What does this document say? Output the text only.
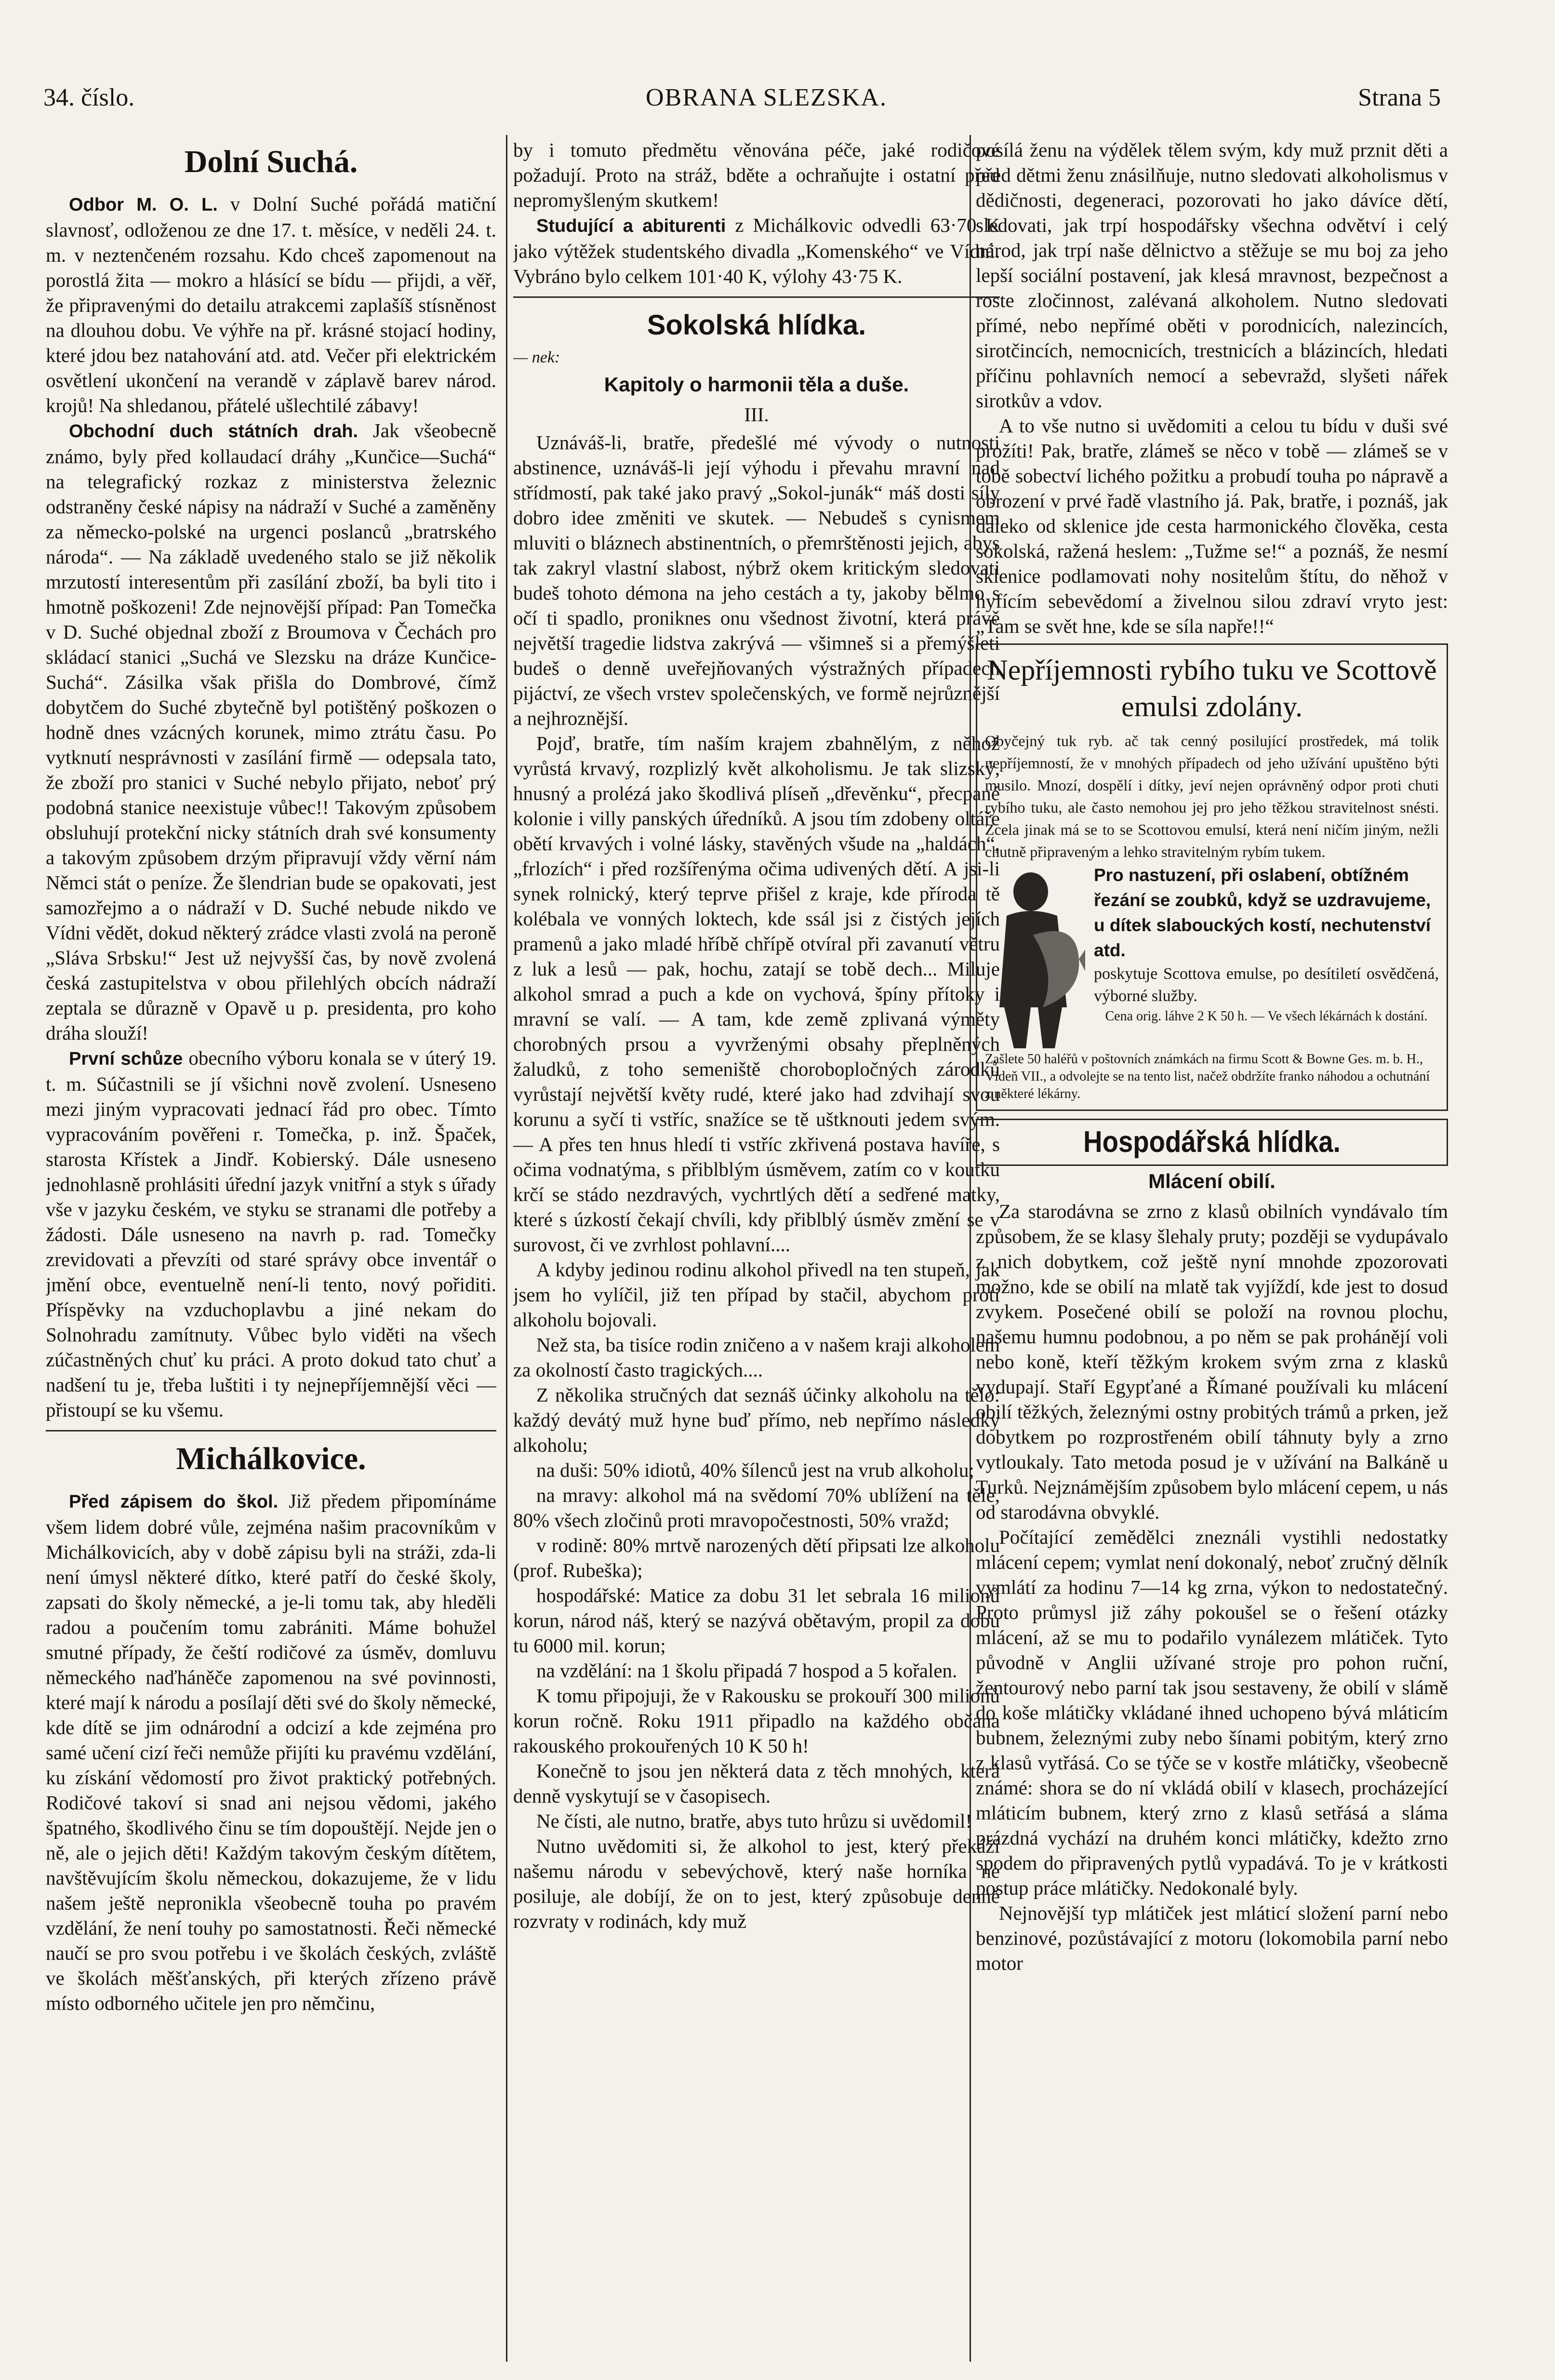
34. číslo.	OBRANA SLEZSKA.	Strana 5
Dolní Suchá.

Odbor M. O. L. v Dolní Suché pořádá matiční slavnosť, odloženou ze dne 17. t. měsíce, v neděli 24. t. m. v neztenčeném rozsahu. Kdo chceš zapomenout na porostlá žita — mokro a hlásící se bídu — přijdi, a věř, že připravenými do detailu atrakcemi zaplašíš stísněnost na dlouhou dobu. Ve výhře na př. krásné stojací hodiny, které jdou bez natahování atd. atd. Večer při elektrickém osvětlení ukončení na verandě v záplavě barev národ. krojů! Na shledanou, přátelé ušlechtilé zábavy!

Obchodní duch státních drah. Jak všeobecně známo, byly před kollaudací dráhy „Kunčice—Suchá“ na telegrafický rozkaz z ministerstva železnic odstraněny české nápisy na nádraží v Suché a zaměněny za německo-polské na urgenci poslanců „bratrského národa“. — Na základě uvedeného stalo se již několik mrzutostí interesentům při zasílání zboží, ba byli tito i hmotně poškozeni! Zde nejnovější případ: Pan Tomečka v D. Suché objednal zboží z Broumova v Čechách pro skládací stanici „Suchá ve Slezsku na dráze Kunčice-Suchá“. Zásilka však přišla do Dombrové, čímž dobytčem do Suché zbytečně byl potištěný poškozen o hodně dnes vzácných korunek, mimo ztrátu času. Po vytknutí nesprávnosti v zasílání firmě — odepsala tato, že zboží pro stanici v Suché nebylo přijato, neboť prý podobná stanice neexistuje vůbec!! Takovým způsobem obsluhují protekční nicky státních drah své konsumenty a takovým způsobem drzým připravují vždy věrní nám Němci stát o peníze. Že šlendrian bude se opakovati, jest samozřejmo a o nádraží v D. Suché nebude nikdo ve Vídni vědět, dokud některý zrádce vlasti zvolá na peroně „Sláva Srbsku!“ Jest už nejvyšší čas, by nově zvolená česká zastupitelstva v obou přilehlých obcích nádraží zeptala se důrazně v Opavě u p. presidenta, pro koho dráha slouží!

První schůze obecního výboru konala se v úterý 19. t. m. Súčastnili se jí všichni nově zvolení. Usneseno mezi jiným vypracovati jednací řád pro obec. Tímto vypracováním pověřeni r. Tomečka, p. inž. Špaček, starosta Křístek a Jindř. Kobierský. Dále usneseno jednohlasně prohlásiti úřední jazyk vnitřní a styk s úřady vše v jazyku českém, ve styku se stranami dle potřeby a žádosti. Dále usneseno na navrh p. rad. Tomečky zrevidovati a převzíti od staré správy obce inventář o jmění obce, eventuelně není-li tento, nový pořiditi. Příspěvky na vzduchoplavbu a jiné nekam do Solnohradu zamítnuty. Vůbec bylo viděti na všech zúčastněných chuť ku práci. A proto dokud tato chuť a nadšení tu je, třeba luštiti i ty nejnepříjemnější věci — přistoupí se ku všemu.

Michálkovice.

Před zápisem do škol. Již předem připomínáme všem lidem dobré vůle, zejména našim pracovníkům v Michálkovicích, aby v době zápisu byli na stráži, zda-li není úmysl některé dítko, které patří do české školy, zapsati do školy německé, a je-li tomu tak, aby hleděli radou a poučením tomu zabrániti. Máme bohužel smutné případy, že čeští rodičové za úsměv, domluvu německého naďháněče zapomenou na své povinnosti, které mají k národu a posílají děti své do školy německé, kde dítě se jim odnárodní a odcizí a kde zejména pro samé učení cizí řeči nemůže přijíti ku pravému vzdělání, ku získání vědomostí pro život praktický potřebných. Rodičové takoví si snad ani nejsou vědomi, jakého špatného, škodlivého činu se tím dopouštějí. Nejde jen o ně, ale o jejich děti! Každým takovým českým dítětem, navštěvujícím školu německou, dokazujeme, že v lidu našem ještě nepronikla všeobecně touha po pravém vzdělání, že není touhy po samostatnosti. Řeči německé naučí se pro svou potřebu i ve školách českých, zvláště ve školách měšťanských, při kterých zřízeno právě místo odborného učitele jen pro němčinu,

by i tomuto předmětu věnována péče, jaké rodičové požadují. Proto na stráž, bděte a ochraňujte i ostatní před nepromyšleným skutkem!

Studující a abiturenti z Michálkovic odvedli 63·70 K jako výtěžek studentského divadla „Komenského“ ve Vídni. Vybráno bylo celkem 101·40 K, výlohy 43·75 K.

Sokolská hlídka.

— nek:

Kapitoly o harmonii těla a duše.

III.

Uznáváš-li, bratře, předešlé mé vývody o nutnosti abstinence, uznáváš-li její výhodu i převahu mravní nad střídmostí, pak také jako pravý „Sokol-junák“ máš dosti síly dobro idee změniti ve skutek. — Nebudeš s cynismem mluviti o bláznech abstinentních, o přemrštěnosti jejich, abys tak zakryl vlastní slabost, nýbrž okem kritickým sledovati budeš tohoto démona na jeho cestách a ty, jakoby bělmo s očí ti spadlo, proniknes onu všednost životní, která právě největší tragedie lidstva zakrývá — všimneš si a přemýšleti budeš o denně uveřejňovaných výstražných případech pijáctví, ze všech vrstev společenských, ve formě nejrůznější a nejhroznější.

Pojď, bratře, tím naším krajem zbahnělým, z něhož vyrůstá krvavý, rozplizlý květ alkoholismu. Je tak slizský, hnusný a prolézá jako škodlivá plíseň „dřevěnku“, přecpané kolonie i villy panských úředníků. A jsou tím zdobeny oltáře obětí krvavých i volné lásky, stavěných všude na „haldách“, „frlozích“ i před rozšířenýma očima udivených dětí. A jsi-li synek rolnický, který teprve přišel z kraje, kde příroda tě kolébala ve vonných loktech, kde ssál jsi z čistých jejích pramenů a jako mladé hříbě chřípě otvíral při zavanutí větru z luk a lesů — pak, hochu, zatají se tobě dech... Miluje alkohol smrad a puch a kde on vychová, špíny přítoky i mravní se valí. — A tam, kde země zplivaná výměty chorobných prsou a vyvrženými obsahy přeplněných žaludků, z toho semeniště chorobopločných zárodků vyrůstají největší květy rudé, které jako had zdvihají svou korunu a syčí ti vstříc, snažíce se tě uštknouti jedem svým. — A přes ten hnus hledí ti vstříc zkřivená postava havíře, s očima vodnatýma, s přiblblým úsměvem, zatím co v koutku krčí se stádo nezdravých, vychrtlých dětí a sedřené matky, které s úzkostí čekají chvíli, kdy přiblblý úsměv změní se v surovost, či ve zvrhlost pohlavní....

A kdyby jedinou rodinu alkohol přivedl na ten stupeň, jak jsem ho vylíčil, již ten případ by stačil, abychom proti alkoholu bojovali.

Než sta, ba tisíce rodin zničeno a v našem kraji alkoholem za okolností často tragických....

Z několika stručných dat seznáš účinky alkoholu na tělo: každý devátý muž hyne buď přímo, neb nepřímo následky alkoholu;

na duši: 50% idiotů, 40% šílenců jest na vrub alkoholu;

na mravy: alkohol má na svědomí 70% ublížení na těle, 80% všech zločinů proti mravopočestnosti, 50% vražd;

v rodině: 80% mrtvě narozených dětí připsati lze alkoholu (prof. Rubeška);

hospodářské: Matice za dobu 31 let sebrala 16 milionů korun, národ náš, který se nazývá obětavým, propil za dobu tu 6000 mil. korun;

na vzdělání: na 1 školu připadá 7 hospod a 5 kořalen.

K tomu připojuji, že v Rakousku se prokouří 300 milionů korun ročně. Roku 1911 připadlo na každého občana rakouského prokouřených 10 K 50 h!

Konečně to jsou jen některá data z těch mnohých, která denně vyskytují se v časopisech.

Ne čísti, ale nutno, bratře, abys tuto hrůzu si uvědomil!

Nutno uvědomiti si, že alkohol to jest, který překáží našemu národu v sebevýchově, který naše horníka ne posiluje, ale dobíjí, že on to jest, který způsobuje denně rozvraty v rodinách, kdy muž

posílá ženu na výdělek tělem svým, kdy muž prznit děti a před dětmi ženu znásilňuje, nutno sledovati alkoholismus v dědičnosti, degeneraci, pozorovati ho jako dávíce dětí, sledovati, jak trpí hospodářsky všechna odvětví i celý národ, jak trpí naše dělnictvo a stěžuje se mu boj za jeho lepší sociální postavení, jak klesá mravnost, bezpečnost a roste zločinnost, zalévaná alkoholem. Nutno sledovati přímé, nebo nepřímé oběti v porodnicích, nalezincích, sirotčincích, nemocnicích, trestnicích a blázincích, hledati příčinu pohlavních nemocí a sebevražd, slyšeti nářek sirotkův a vdov.

A to vše nutno si uvědomiti a celou tu bídu v duši své prožíti! Pak, bratře, zlámeš se něco v tobě — zlámeš se v tobě sobectví lichého požitku a probudí touha po nápravě a obrození v prvé řadě vlastního já. Pak, bratře, i poznáš, jak daleko od sklenice jde cesta harmonického člověka, cesta sokolská, ražená heslem: „Tužme se!“ a poznáš, že nesmí sklenice podlamovati nohy nositelům štítu, do něhož v hyfícím sebevědomí a živelnou silou zdraví vryto jest: „Tam se svět hne, kde se síla napře!!“

Nepříjemnosti rybího tuku ve Scottově emulsi zdolány.

Obyčejný tuk ryb. ač tak cenný posilující prostředek, má tolik nepříjemností, že v mnohých případech od jeho užívání upuštěno býti musilo. Mnozí, dospělí i dítky, jeví nejen oprávněný odpor proti chuti rybího tuku, ale často nemohou jej pro jeho těžkou stravitelnost snésti. Zcela jinak má se to se Scottovou emulsí, která není ničím jiným, nežli chutně připraveným a lehko stravitelným rybím tukem.

Pro nastuzení, při oslabení, obtížném řezání se zoubků, když se uzdravujeme, u dítek slabouckých kostí, nechutenství atd.

poskytuje Scottova emulse, po desítiletí osvědčená, výborné služby.

Cena orig. láhve 2 K 50 h. — Ve všech lékárnách k dostání.

Zašlete 50 haléřů v poštovních známkách na firmu Scott & Bowne Ges. m. b. H., Vídeň VII., a odvolejte se na tento list, načež obdržíte franko náhodou a ochutnání z některé lékárny.

Hospodářská hlídka.
Mlácení obilí.

Za starodávna se zrno z klasů obilních vyndávalo tím způsobem, že se klasy šlehaly pruty; později se vydupávalo z nich dobytkem, což ještě nyní mnohde zpozorovati možno, kde se obilí na mlatě tak vyjíždí, kde jest to dosud zvykem. Posečené obilí se položí na rovnou plochu, našemu humnu podobnou, a po něm se pak prohánějí voli nebo koně, kteří těžkým krokem svým zrna z klasků vydupají. Staří Egypťané a Římané používali ku mlácení obilí těžkých, železnými ostny probitých trámů a prken, jež dobytkem po rozprostřeném obilí táhnuty byly a zrno vytloukaly. Tato metoda posud je v užívání na Balkáně u Turků. Nejznámějším způsobem bylo mlácení cepem, u nás od starodávna obvyklé.

Počítající zemědělci zneználi vystihli nedostatky mlácení cepem; vymlat není dokonalý, neboť zručný dělník vymlátí za hodinu 7—14 kg zrna, výkon to nedostatečný. Proto průmysl již záhy pokoušel se o řešení otázky mlácení, až se mu to podařilo vynálezem mlátiček. Tyto původně v Anglii užívané stroje pro pohon ruční, žentourový nebo parní tak jsou sestaveny, že obilí v slámě do koše mlátičky vkládané ihned uchopeno bývá mláticím bubnem, železnými zuby nebo šínami pobitým, který zrno z klasů vytřásá. Co se týče se v kostře mlátičky, všeobecně známé: shora se do ní vkládá obilí v klasech, procházející mláticím bubnem, který zrno z klasů setřásá a sláma prázdná vychází na druhém konci mlátičky, kdežto zrno spodem do připravených pytlů vypadává. To je v krátkosti postup práce mlátičky. Nedokonalé byly.

Nejnovější typ mlátiček jest mláticí složení parní nebo benzinové, pozůstávající z motoru (lokomobila parní nebo motor
